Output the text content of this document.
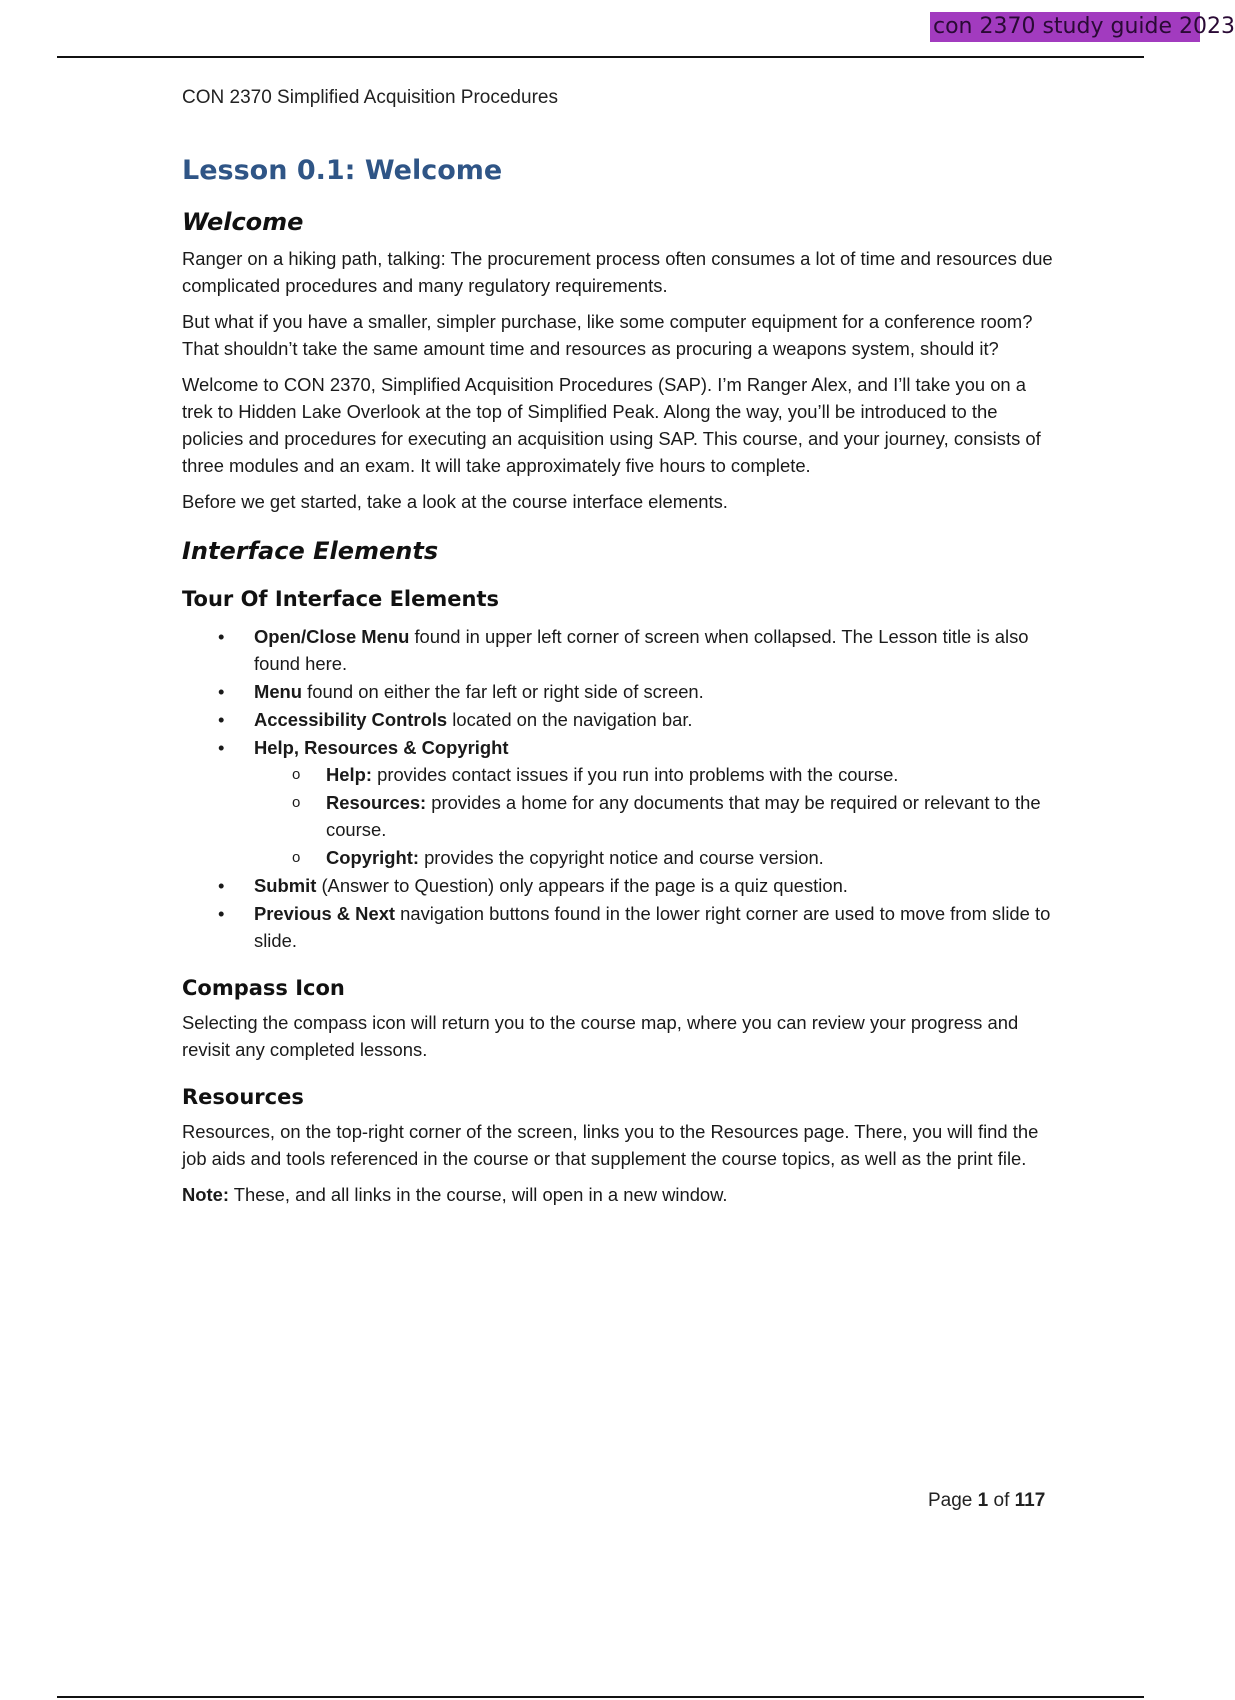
con 2370 study guide 2023
CON 2370 Simplified Acquisition Procedures
Lesson 0.1: Welcome
Welcome

Ranger on a hiking path, talking: The procurement process often consumes a lot of time and resources due complicated procedures and many regulatory requirements.

But what if you have a smaller, simpler purchase, like some computer equipment for a conference room? That shouldn’t take the same amount time and resources as procuring a weapons system, should it?

Welcome to CON 2370, Simplified Acquisition Procedures (SAP). I’m Ranger Alex, and I’ll take you on a trek to Hidden Lake Overlook at the top of Simplified Peak. Along the way, you’ll be introduced to the policies and procedures for executing an acquisition using SAP. This course, and your journey, consists of three modules and an exam. It will take approximately five hours to complete.

Before we get started, take a look at the course interface elements.

Interface Elements
Tour Of Interface Elements
• Open/Close Menu found in upper left corner of screen when collapsed. The Lesson title is also found here.
• Menu found on either the far left or right side of screen.
• Accessibility Controls located on the navigation bar.
• Help, Resources & Copyright
o Help: provides contact issues if you run into problems with the course.
o Resources: provides a home for any documents that may be required or relevant to the course.
o Copyright: provides the copyright notice and course version.
• Submit (Answer to Question) only appears if the page is a quiz question.
• Previous & Next navigation buttons found in the lower right corner are used to move from slide to slide.
Compass Icon

Selecting the compass icon will return you to the course map, where you can review your progress and revisit any completed lessons.

Resources

Resources, on the top-right corner of the screen, links you to the Resources page. There, you will find the job aids and tools referenced in the course or that supplement the course topics, as well as the print file.

Note: These, and all links in the course, will open in a new window.

Page 1 of 117
